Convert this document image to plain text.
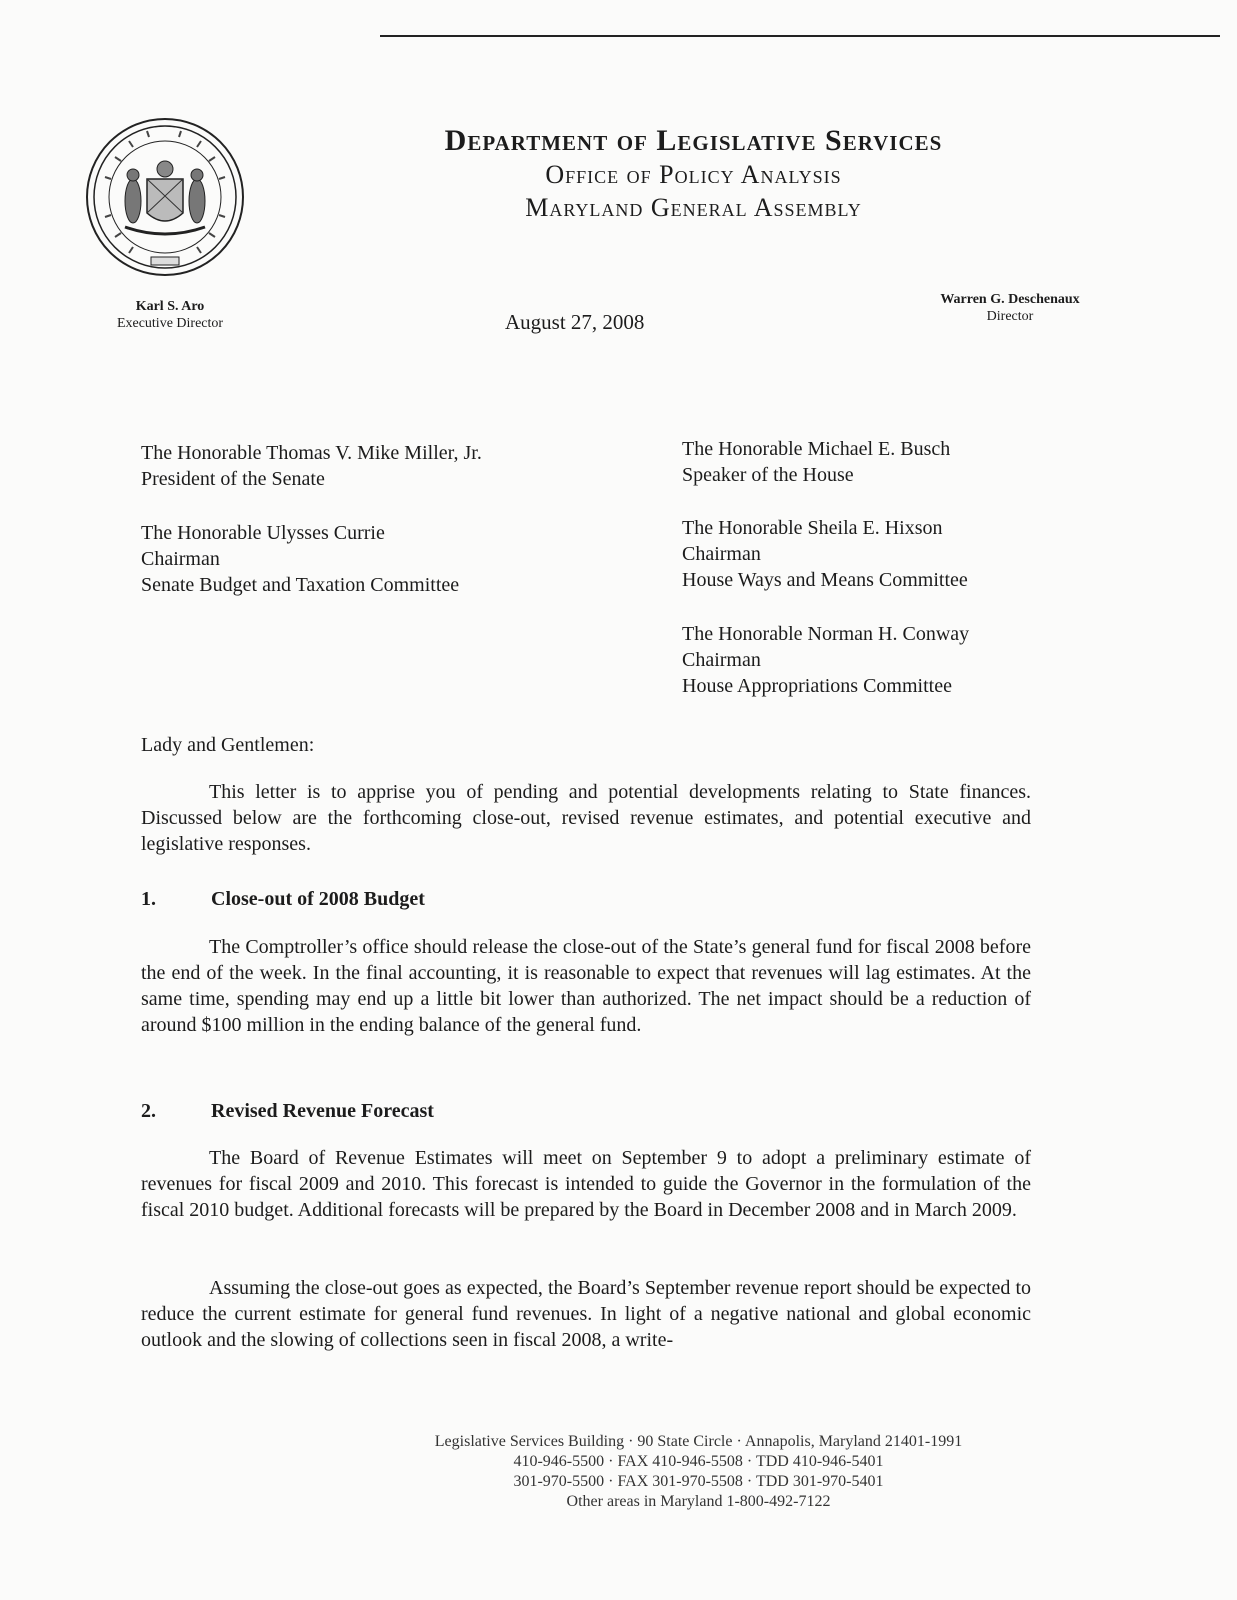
Department of Legislative Services
Office of Policy Analysis
Maryland General Assembly
Karl S. Aro
Executive Director
Warren G. Deschenaux
Director
August 27, 2008

The Honorable Thomas V. Mike Miller, Jr.

President of the Senate

The Honorable Ulysses Currie

Chairman

Senate Budget and Taxation Committee

The Honorable Michael E. Busch

Speaker of the House

The Honorable Sheila E. Hixson

Chairman

House Ways and Means Committee

The Honorable Norman H. Conway

Chairman

House Appropriations Committee

Lady and Gentlemen:

This letter is to apprise you of pending and potential developments relating to State finances. Discussed below are the forthcoming close-out, revised revenue estimates, and potential executive and legislative responses.

1.	Close-out of 2008 Budget

The Comptroller’s office should release the close-out of the State’s general fund for fiscal 2008 before the end of the week. In the final accounting, it is reasonable to expect that revenues will lag estimates. At the same time, spending may end up a little bit lower than authorized. The net impact should be a reduction of around $100 million in the ending balance of the general fund.

2.	Revised Revenue Forecast

The Board of Revenue Estimates will meet on September 9 to adopt a preliminary estimate of revenues for fiscal 2009 and 2010. This forecast is intended to guide the Governor in the formulation of the fiscal 2010 budget. Additional forecasts will be prepared by the Board in December 2008 and in March 2009.

Assuming the close-out goes as expected, the Board’s September revenue report should be expected to reduce the current estimate for general fund revenues. In light of a negative national and global economic outlook and the slowing of collections seen in fiscal 2008, a write-

Legislative Services Building · 90 State Circle · Annapolis, Maryland 21401-1991

410-946-5500 · FAX 410-946-5508 · TDD 410-946-5401

301-970-5500 · FAX 301-970-5508 · TDD 301-970-5401

Other areas in Maryland 1-800-492-7122
